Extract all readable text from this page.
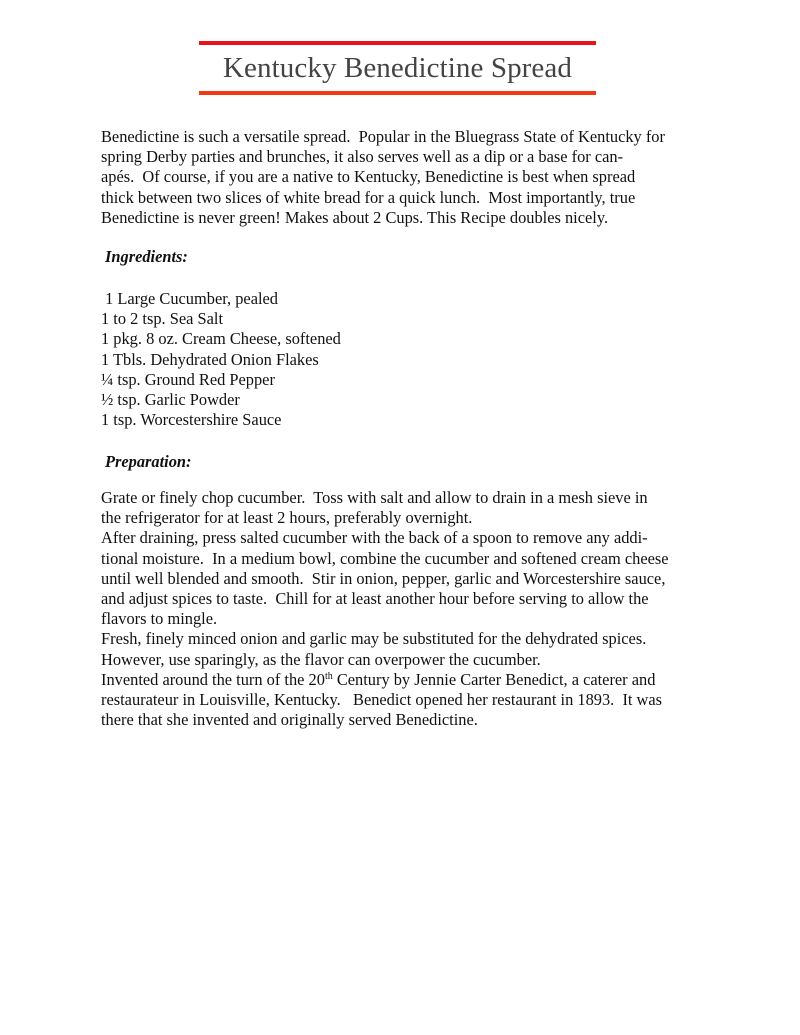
Kentucky Benedictine Spread
Benedictine is such a versatile spread.  Popular in the Bluegrass State of Kentucky for
spring Derby parties and brunches, it also serves well as a dip or a base for can-
apés.  Of course, if you are a native to Kentucky, Benedictine is best when spread
thick between two slices of white bread for a quick lunch.  Most importantly, true
Benedictine is never green! Makes about 2 Cups. This Recipe doubles nicely.
Ingredients:
1 Large Cucumber, pealed
1 to 2 tsp. Sea Salt
1 pkg. 8 oz. Cream Cheese, softened
1 Tbls. Dehydrated Onion Flakes
¼ tsp. Ground Red Pepper
½ tsp. Garlic Powder
1 tsp. Worcestershire Sauce
Preparation:
Grate or finely chop cucumber.  Toss with salt and allow to drain in a mesh sieve in
the refrigerator for at least 2 hours, preferably overnight.
After draining, press salted cucumber with the back of a spoon to remove any addi-
tional moisture.  In a medium bowl, combine the cucumber and softened cream cheese
until well blended and smooth.  Stir in onion, pepper, garlic and Worcestershire sauce,
and adjust spices to taste.  Chill for at least another hour before serving to allow the
flavors to mingle.
Fresh, finely minced onion and garlic may be substituted for the dehydrated spices.
However, use sparingly, as the flavor can overpower the cucumber.
Invented around the turn of the 20th Century by Jennie Carter Benedict, a caterer and
restaurateur in Louisville, Kentucky.   Benedict opened her restaurant in 1893.  It was
there that she invented and originally served Benedictine.
